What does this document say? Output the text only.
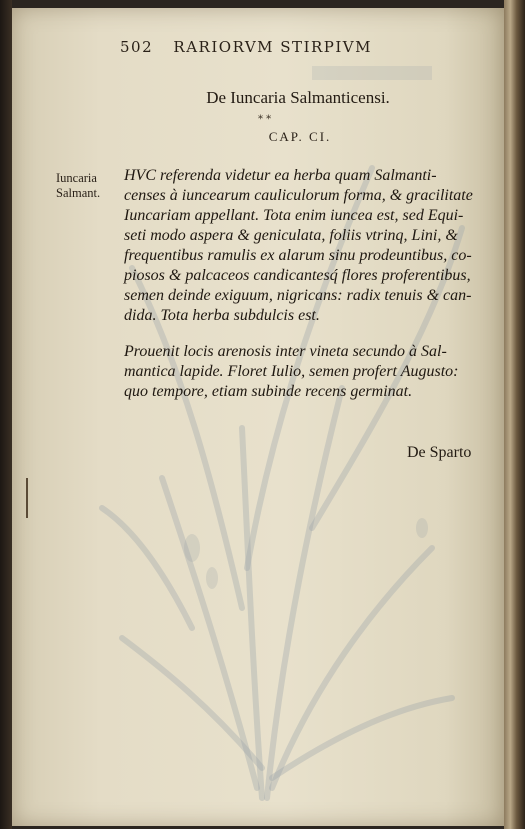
502 RARIORVM STIRPIVM
De Iuncaria Salmanticensi.
* *
CAP. CI.
Iuncaria
Salmant.
HVC referenda videtur ea herba quam Salmanti-
censes à iuncearum cauliculorum forma, & gracilitate
Iuncariam appellant. Tota enim iuncea est, sed Equi-
seti modo aspera & geniculata, foliis vtrinq, Lini, &
frequentibus ramulis ex alarum sinu prodeuntibus, co-
piosos & palcaceos candicantesq́ flores proferentibus,
semen deinde exiguum, nigricans: radix tenuis & can-
dida. Tota herba subdulcis est.
Prouenit locis arenosis inter vineta secundo à Sal-
mantica lapide. Floret Iulio, semen profert Augusto:
quo tempore, etiam subinde recens germinat.
De Sparto
